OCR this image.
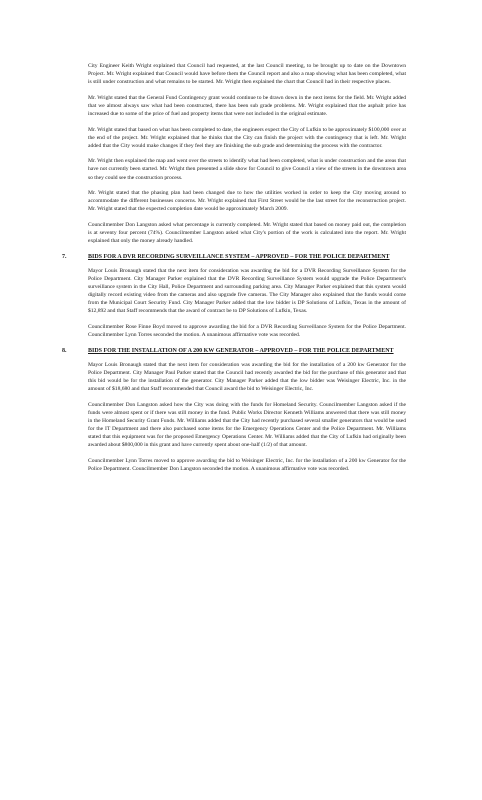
City Engineer Keith Wright explained that Council had requested, at the last Council meeting, to be brought up to date on the Downtown Project. Mr. Wright explained that Council would have before them the Council report and also a map showing what has been completed, what is still under construction and what remains to be started. Mr. Wright then explained the chart that Council had in their respective places.

Mr. Wright stated that the General Fund Contingency grant would continue to be drawn down in the next items for the field. Mr. Wright added that we almost always saw what had been constructed, there has been sub grade problems. Mr. Wright explained that the asphalt price has increased due to some of the price of fuel and property items that were not included in the original estimate.

Mr. Wright stated that based on what has been completed to date, the engineers expect the City of Lufkin to be approximately $100,000 over at the end of the project. Mr. Wright explained that he thinks that the City can finish the project with the contingency that is left. Mr. Wright added that the City would make changes if they feel they are finishing the sub grade and determining the process with the contractor.

Mr. Wright then explained the map and went over the streets to identify what had been completed, what is under construction and the areas that have not currently been started. Mr. Wright then presented a slide show for Council to give Council a view of the streets in the downtown area so they could see the construction process.

Mr. Wright stated that the phasing plan had been changed due to how the utilities worked in order to keep the City moving around to accommodate the different businesses concerns. Mr. Wright explained that First Street would be the last street for the reconstruction project. Mr. Wright stated that the expected completion date would be approximately March 2009.

Councilmember Don Langston asked what percentage is currently completed. Mr. Wright stated that based on money paid out, the completion is at seventy four percent (74%). Councilmember Langston asked what City's portion of the work is calculated into the report. Mr. Wright explained that only the money already handled.

7.	BIDS FOR A DVR RECORDING SURVEILLANCE SYSTEM – APPROVED – FOR THE POLICE DEPARTMENT

Mayor Louis Bronaugh stated that the next item for consideration was awarding the bid for a DVR Recording Surveillance System for the Police Department. City Manager Parker explained that the DVR Recording Surveillance System would upgrade the Police Department's surveillance system in the City Hall, Police Department and surrounding parking area. City Manager Parker explained that this system would digitally record existing video from the cameras and also upgrade five cameras. The City Manager also explained that the funds would come from the Municipal Court Security Fund. City Manager Parker added that the low bidder is DP Solutions of Lufkin, Texas in the amount of $12,892 and that Staff recommends that the award of contract be to DP Solutions of Lufkin, Texas.

Councilmember Rose Finne Boyd moved to approve awarding the bid for a DVR Recording Surveillance System for the Police Department. Councilmember Lynn Torres seconded the motion. A unanimous affirmative vote was recorded.

8.	BIDS FOR THE INSTALLATION OF A 200 KW GENERATOR – APPROVED – FOR THE POLICE DEPARTMENT

Mayor Louis Bronaugh stated that the next item for consideration was awarding the bid for the installation of a 200 kw Generator for the Police Department. City Manager Paul Parker stated that the Council had recently awarded the bid for the purchase of this generator and that this bid would be for the installation of the generator. City Manager Parker added that the low bidder was Weisinger Electric, Inc. in the amount of $18,680 and that Staff recommended that Council award the bid to Weisinger Electric, Inc.

Councilmember Don Langston asked how the City was doing with the funds for Homeland Security. Councilmember Langston asked if the funds were almost spent or if there was still money in the fund. Public Works Director Kenneth Williams answered that there was still money in the Homeland Security Grant Funds. Mr. Williams added that the City had recently purchased several smaller generators that would be used for the IT Department and there also purchased some items for the Emergency Operations Center and the Police Department. Mr. Williams stated that this equipment was for the proposed Emergency Operations Center. Mr. Williams added that the City of Lufkin had originally been awarded about $800,000 in this grant and have currently spent about one-half (1/2) of that amount.

Councilmember Lynn Torres moved to approve awarding the bid to Weisinger Electric, Inc. for the installation of a 200 kw Generator for the Police Department. Councilmember Don Langston seconded the motion. A unanimous affirmative vote was recorded.
